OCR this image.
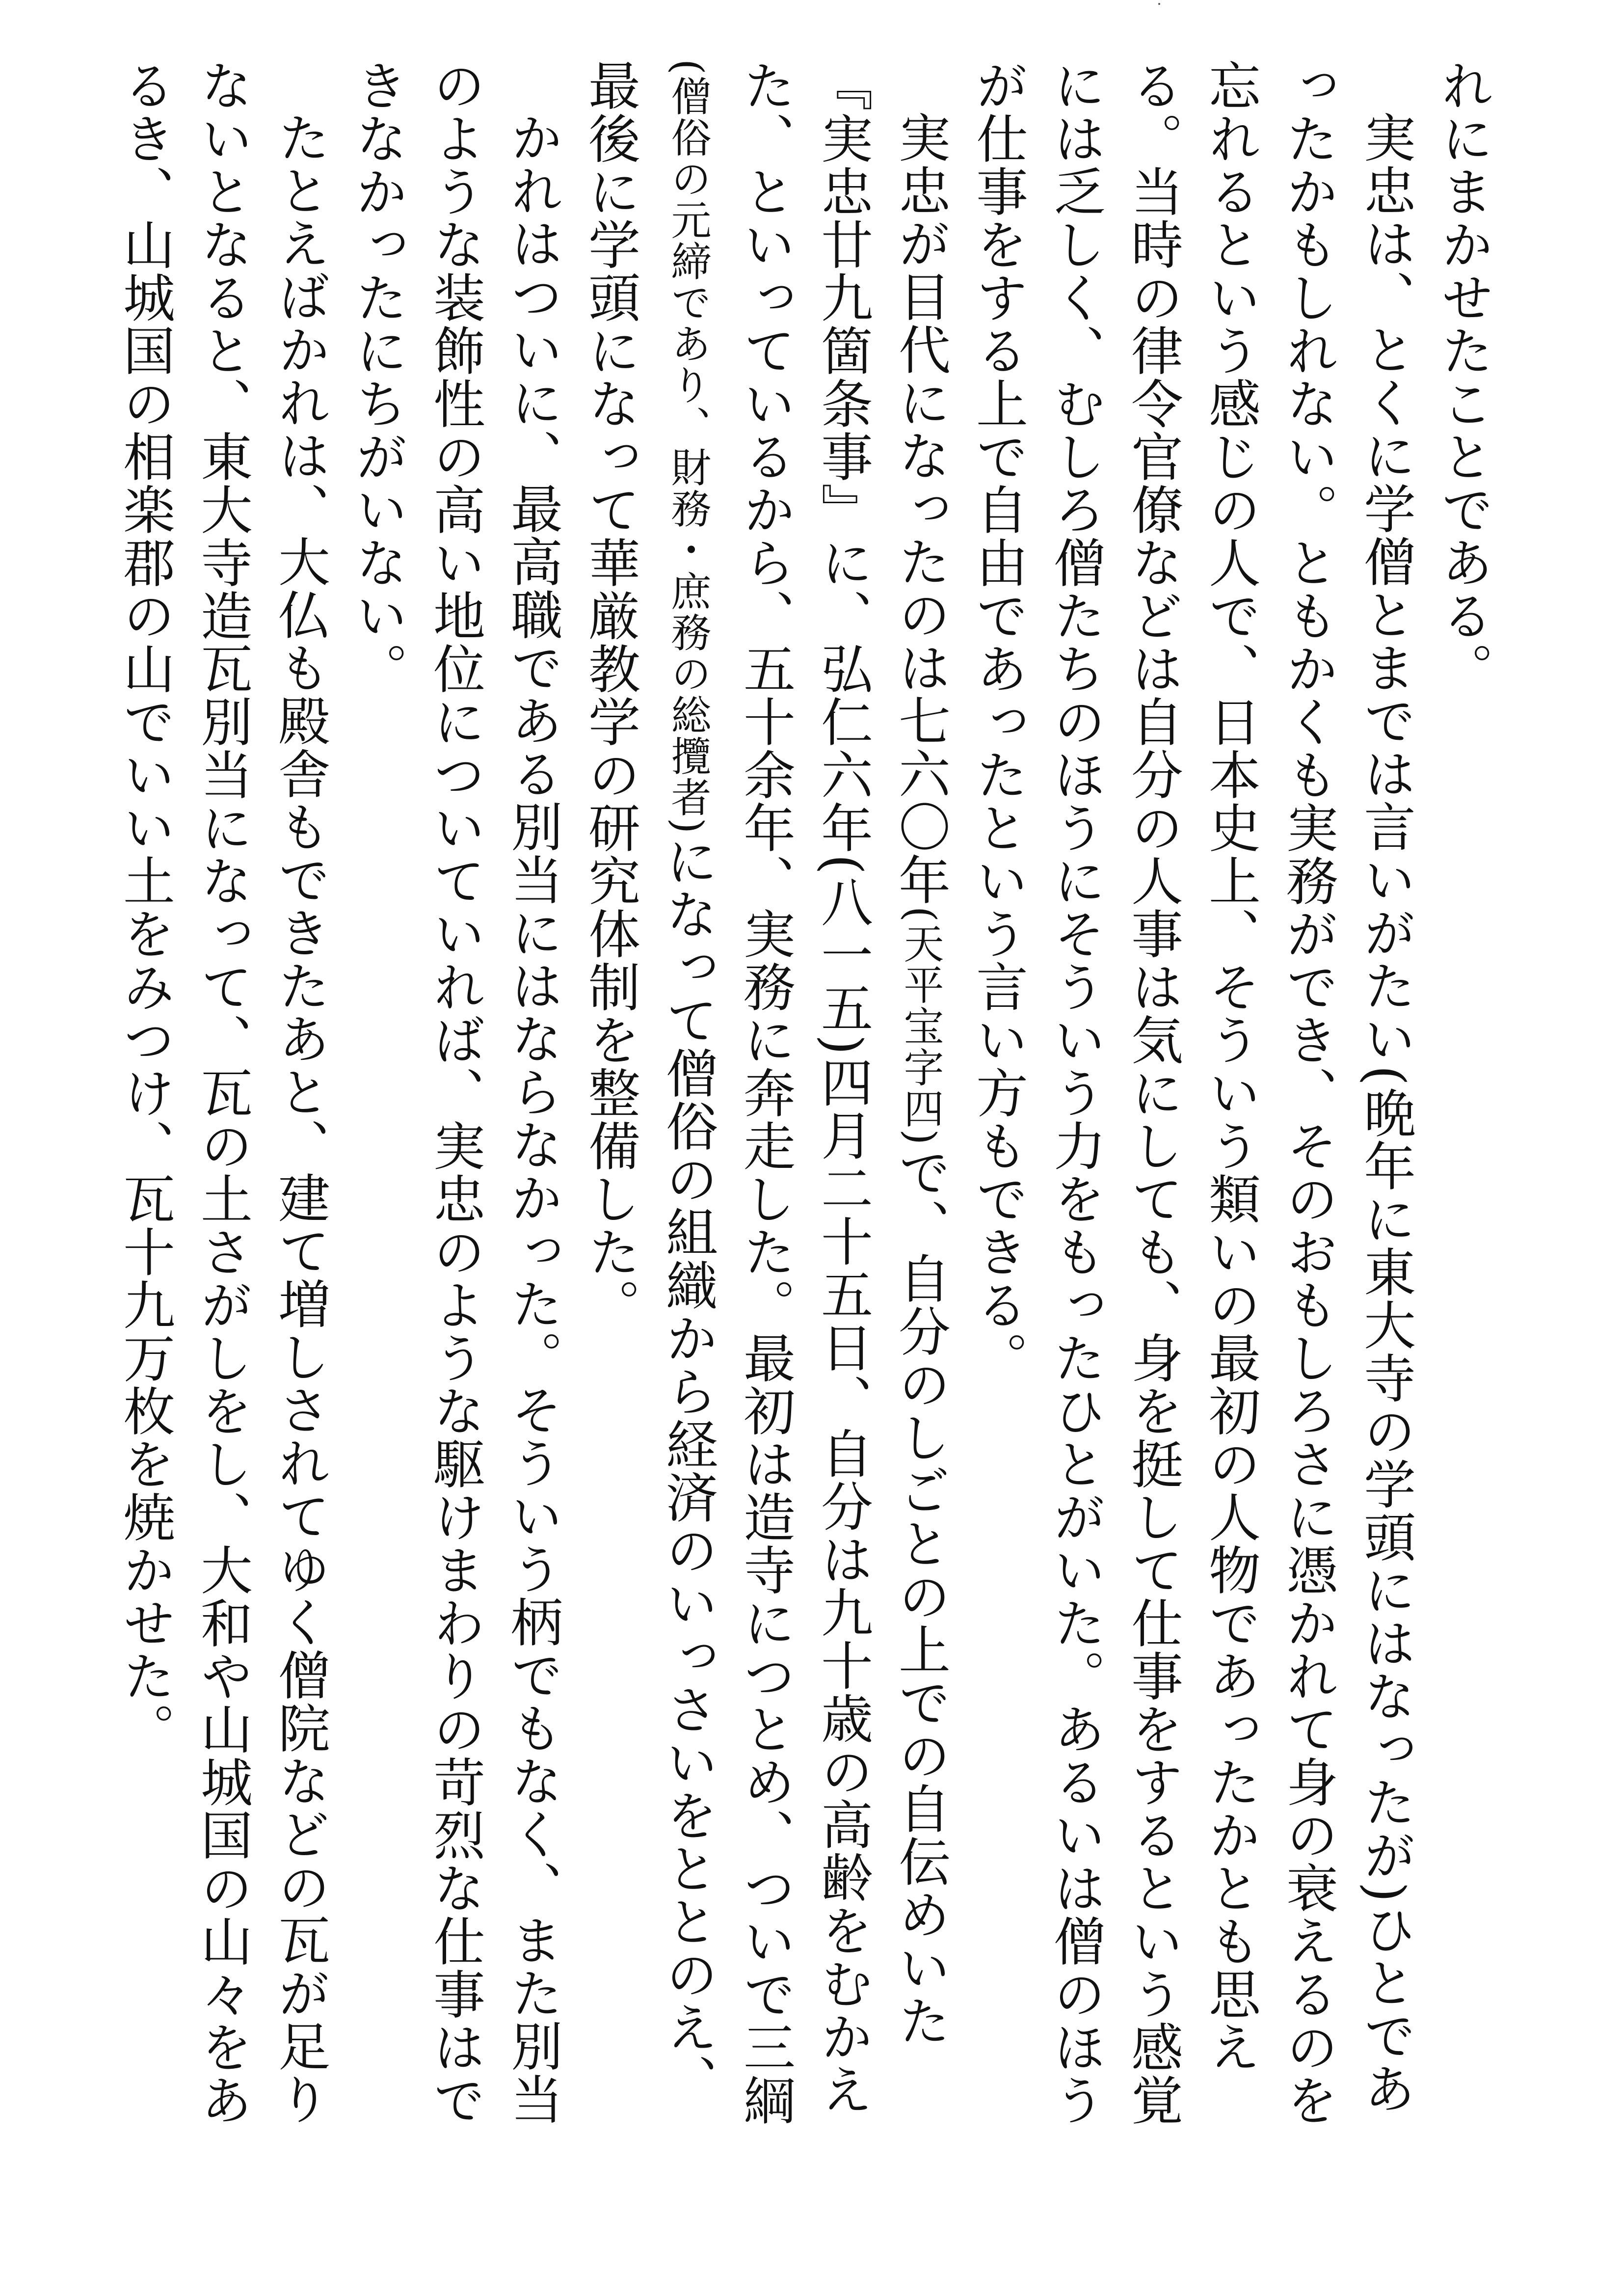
れにまかせたことである。

実忠は、とくに学僧とまでは言いがたい(晩年に東大寺の学頭にはなったが)ひとであったかもしれない。ともかくも実務ができ、そのおもしろさに憑かれて身の衰えるのを忘れるという感じの人で、日本史上、そういう類いの最初の人物であったかとも思える。当時の律令官僚などは自分の人事は気にしても、身を挺して仕事をするという感覚には乏しく、むしろ僧たちのほうにそういう力をもったひとがいた。あるいは僧のほうが仕事をする上で自由であったという言い方もできる。

実忠が目代になったのは七六〇年(天平宝字四)で、自分のしごとの上での自伝めいた『実忠廿九箇条事』に、弘仁六年(八一五)四月二十五日、自分は九十歳の高齢をむかえた、といっているから、五十余年、実務に奔走した。最初は造寺につとめ、ついで三綱(僧俗の元締であり、財務・庶務の総攬者)になって僧俗の組織から経済のいっさいをととのえ、最後に学頭になって華厳教学の研究体制を整備した。

かれはついに、最高職である別当にはならなかった。そういう柄でもなく、また別当のような装飾性の高い地位についていれば、実忠のような駆けまわりの苛烈な仕事はできなかったにちがいない。

たとえばかれは、大仏も殿舎もできたあと、建て増しされてゆく僧院などの瓦が足りないとなると、東大寺造瓦別当になって、瓦の土さがしをし、大和や山城国の山々をあるき、山城国の相楽郡の山でいい土をみつけ、瓦十九万枚を焼かせた。
